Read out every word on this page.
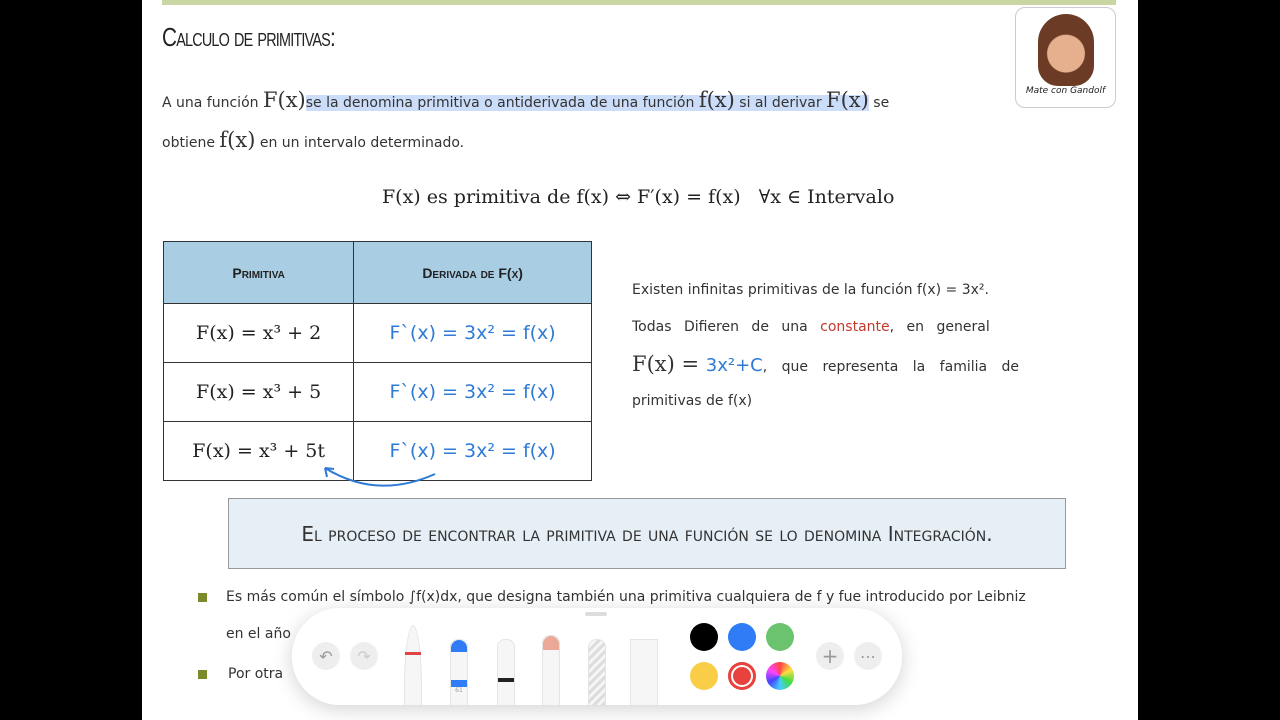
Calculo de primitivas:
Mate con Gandolf
A una función F(x)se la denomina primitiva o antiderivada de una función f(x) si al derivar F(x) se
obtiene f(x) en un intervalo determinado.
F(x) es primitiva de f(x) ⇔ F′(x) = f(x)   ∀x ∈ Intervalo
Primitiva	Derivada de F(x)
F(x) = x³ + 2	F`(x) = 3x² = f(x)
F(x) = x³ + 5	F`(x) = 3x² = f(x)
F(x) = x³ + 5t	F`(x) = 3x² = f(x)
Existen infinitas primitivas de la función f(x) = 3x².
Todas Difieren de una constante, en general
F(x) = 3x²+C, que representa la familia de
primitivas de f(x)
El proceso de encontrar la primitiva de una función se lo denomina Integración.
Es más común el símbolo ∫f(x)dx, que designa también una primitiva cualquiera de f y fue introducido por Leibniz
en el año
Por otra
↶	↷
61
+	⋯
